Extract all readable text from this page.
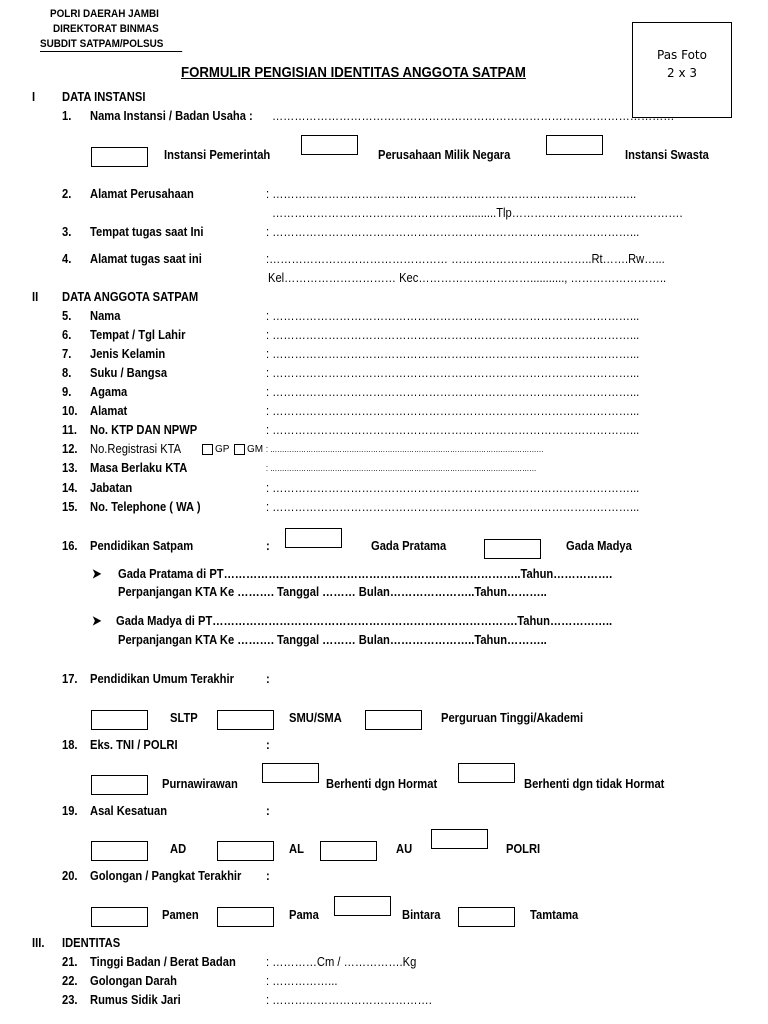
POLRI DAERAH JAMBI
DIREKTORAT BINMAS
SUBDIT SATPAM/POLSUS
Pas Foto
2 x 3
FORMULIR PENGISIAN IDENTITAS ANGGOTA SATPAM
I DATA INSTANSI
1. Nama Instansi / Badan Usaha : ………………………………………………………………………………………………
Instansi Pemerintah	Perusahaan Milik Negara	Instansi Swasta
2. Alamat Perusahaan	: ……………………………………………………………………………………..
……………………………………………...........Tlp……………………………………….
3. Tempat tugas saat Ini	: ……………………………………………………………………………………...
4. Alamat tugas saat ini	:………………………………………… ………………………………..Rt…….Rw…...
Kel………………………… Kec…………………………..........., ……………………..
II DATA ANGGOTA SATPAM
5. Nama	: ……………………………………………………………………………………...
6. Tempat / Tgl Lahir	: ……………………………………………………………………………………...
7. Jenis Kelamin	: ……………………………………………………………………………………...
8. Suku / Bangsa	: ……………………………………………………………………………………...
9. Agama	: ……………………………………………………………………………………...
10. Alamat	: ……………………………………………………………………………………...
11. No. KTP DAN NPWP	: ……………………………………………………………………………………...
12. No.Registrasi KTA	GP GM : ……………………………………………………………………………………………………
13. Masa Berlaku KTA	: …………………………………………………………………………………………………
14. Jabatan	: ……………………………………………………………………………………...
15. No. Telephone ( WA )	: ……………………………………………………………………………………...
16. Pendidikan Satpam	:	Gada Pratama	Gada Madya
➤ Gada Pratama di PT……………………………………………………………………..Tahun…………….
Perpanjangan KTA Ke ………. Tanggal ……… Bulan…………………..Tahun………..
➤ Gada Madya di PT……………………………………………………………………….Tahun……………..
Perpanjangan KTA Ke ………. Tanggal ……… Bulan…………………..Tahun………..
17. Pendidikan Umum Terakhir :
SLTP	SMU/SMA	Perguruan Tinggi/Akademi
18. Eks. TNI / POLRI	:
Purnawirawan	Berhenti dgn Hormat	Berhenti dgn tidak Hormat
19. Asal Kesatuan	:
AD	AL	AU	POLRI
20. Golongan / Pangkat Terakhir :
Pamen	Pama	Bintara	Tamtama
III. IDENTITAS
21. Tinggi Badan / Berat Badan : …………Cm / …………….Kg
22. Golongan Darah	: ……………...
23. Rumus Sidik Jari	: …………………………………….
